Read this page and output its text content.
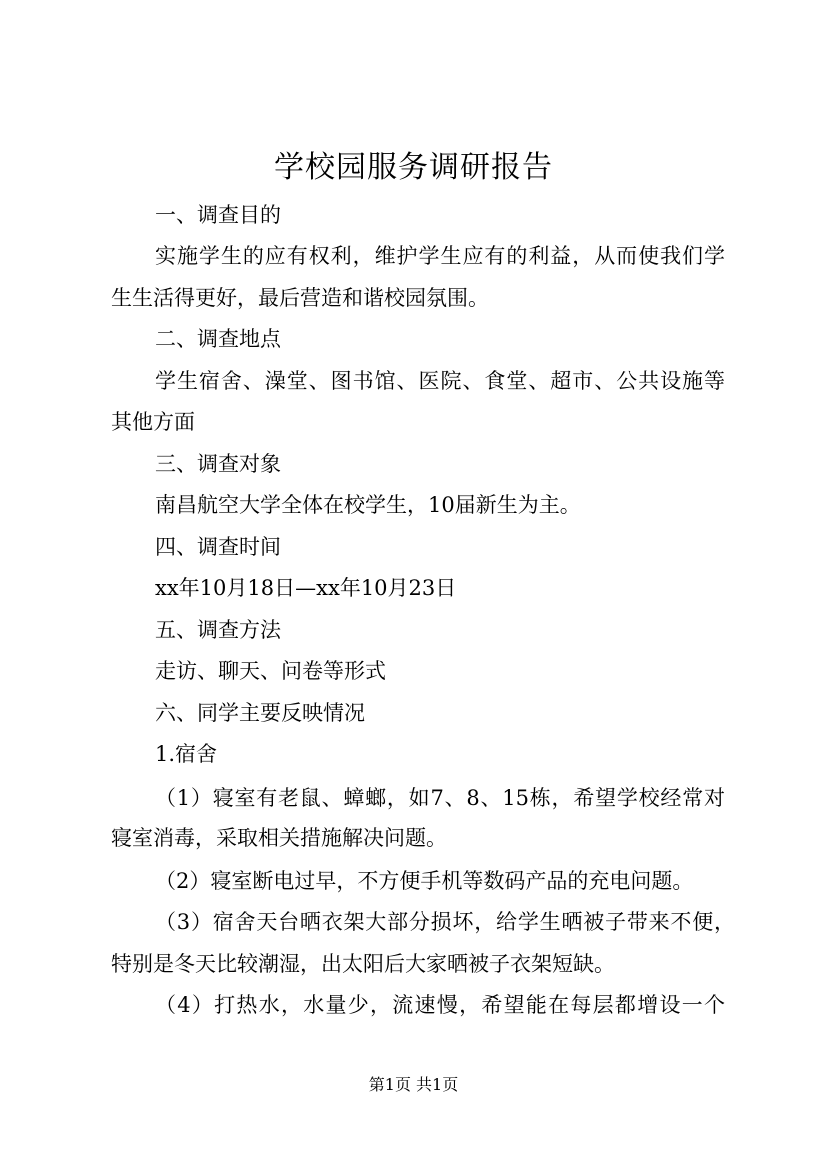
学校园服务调研报告
一、调查目的
实施学生的应有权利，维护学生应有的利益，从而使我们学
生生活得更好，最后营造和谐校园氛围。
二、调查地点
学生宿舍、澡堂、图书馆、医院、食堂、超市、公共设施等
其他方面
三、调查对象
南昌航空大学全体在校学生，10届新生为主。
四、调查时间
xx年10月18日—xx年10月23日
五、调查方法
走访、聊天、问卷等形式
六、同学主要反映情况
1.宿舍
（1）寝室有老鼠、蟑螂，如7、8、15栋，希望学校经常对
寝室消毒，采取相关措施解决问题。
（2）寝室断电过早，不方便手机等数码产品的充电问题。
（3）宿舍天台晒衣架大部分损坏，给学生晒被子带来不便，
特别是冬天比较潮湿，出太阳后大家晒被子衣架短缺。
（4）打热水，水量少，流速慢，希望能在每层都增设一个
第1页 共1页
